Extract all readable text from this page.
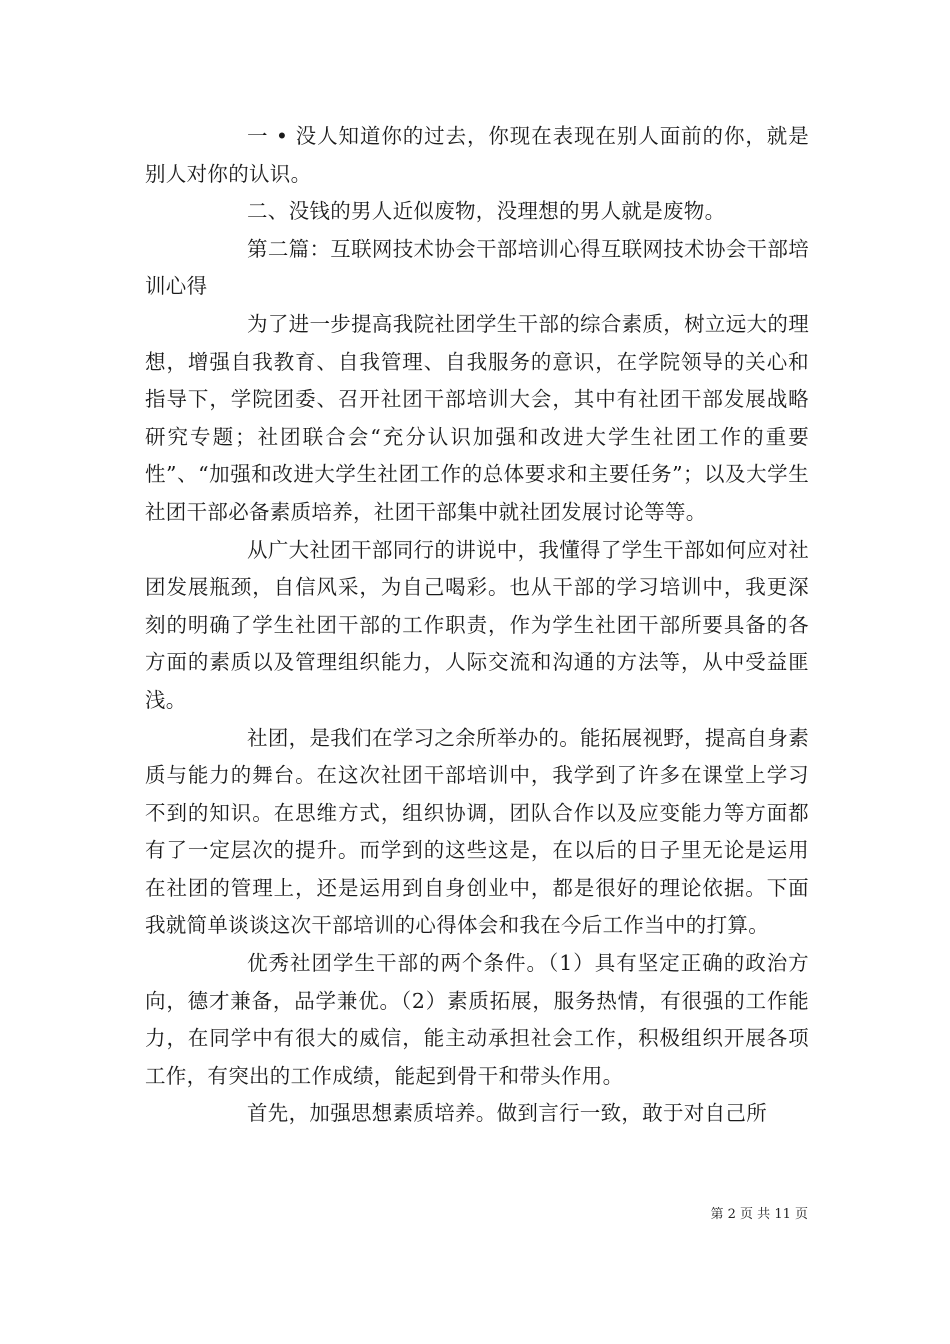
一 • 没人知道你的过去，你现在表现在别人面前的你，就是别人对你的认识。

二、没钱的男人近似废物，没理想的男人就是废物。

第二篇：互联网技术协会干部培训心得互联网技术协会干部培训心得

为了进一步提高我院社团学生干部的综合素质，树立远大的理想，增强自我教育、自我管理、自我服务的意识，在学院领导的关心和指导下，学院团委、召开社团干部培训大会，其中有社团干部发展战略研究专题；社团联合会“充分认识加强和改进大学生社团工作的重要性”、“加强和改进大学生社团工作的总体要求和主要任务”；以及大学生社团干部必备素质培养，社团干部集中就社团发展讨论等等。

从广大社团干部同行的讲说中，我懂得了学生干部如何应对社团发展瓶颈，自信风采，为自己喝彩。也从干部的学习培训中，我更深刻的明确了学生社团干部的工作职责，作为学生社团干部所要具备的各方面的素质以及管理组织能力，人际交流和沟通的方法等，从中受益匪浅。

社团，是我们在学习之余所举办的。能拓展视野，提高自身素质与能力的舞台。在这次社团干部培训中，我学到了许多在课堂上学习不到的知识。在思维方式，组织协调，团队合作以及应变能力等方面都有了一定层次的提升。而学到的这些这是，在以后的日子里无论是运用在社团的管理上，还是运用到自身创业中，都是很好的理论依据。下面我就简单谈谈这次干部培训的心得体会和我在今后工作当中的打算。

优秀社团学生干部的两个条件。（1）具有坚定正确的政治方向，德才兼备，品学兼优。（2）素质拓展，服务热情，有很强的工作能力，在同学中有很大的威信，能主动承担社会工作，积极组织开展各项工作，有突出的工作成绩，能起到骨干和带头作用。

首先，加强思想素质培养。做到言行一致，敢于对自己所

第 2 页 共 11 页
